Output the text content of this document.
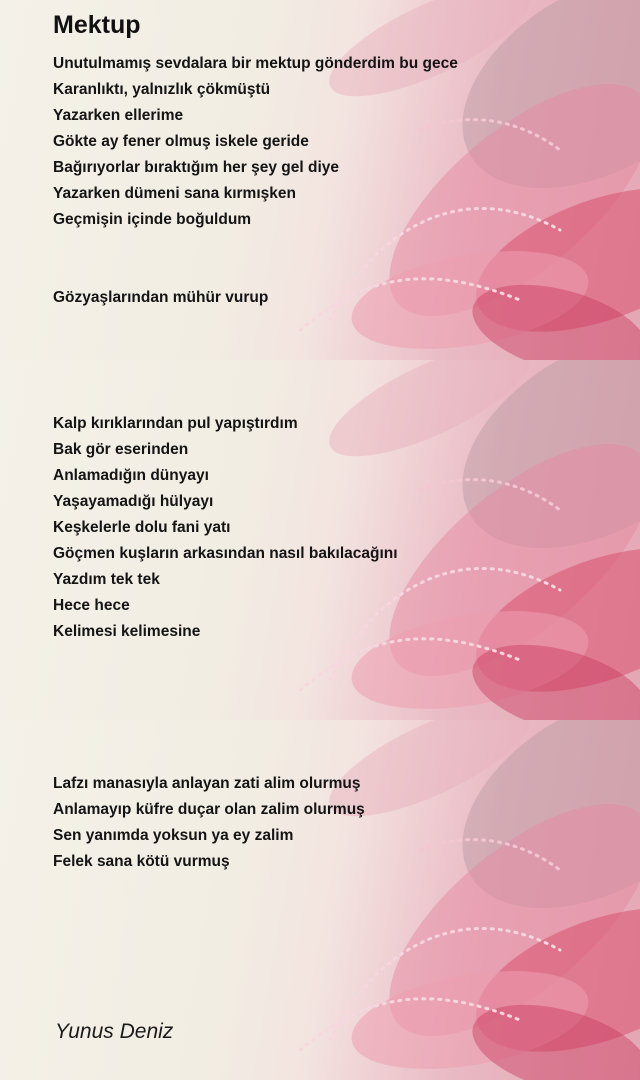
Mektup
Unutulmamış sevdalara bir mektup gönderdim bu gece
Karanlıktı, yalnızlık çökmüştü
Yazarken ellerime
Gökte ay fener olmuş iskele geride
Bağırıyorlar bıraktığım her şey gel diye
Yazarken dümeni sana kırmışken
Geçmişin içinde boğuldum
Gözyaşlarından mühür vurup
Kalp kırıklarından pul yapıştırdım
Bak gör eserinden
Anlamadığın dünyayı
Yaşayamadığı hülyayı
Keşkelerle dolu fani yatı
Göçmen kuşların arkasından nasıl bakılacağını
Yazdım tek tek
Hece hece
Kelimesi kelimesine
Lafzı manasıyla anlayan zati alim olurmuş
Anlamayıp küfre duçar olan zalim olurmuş
Sen yanımda yoksun ya ey zalim
Felek sana kötü vurmuş
Yunus Deniz
